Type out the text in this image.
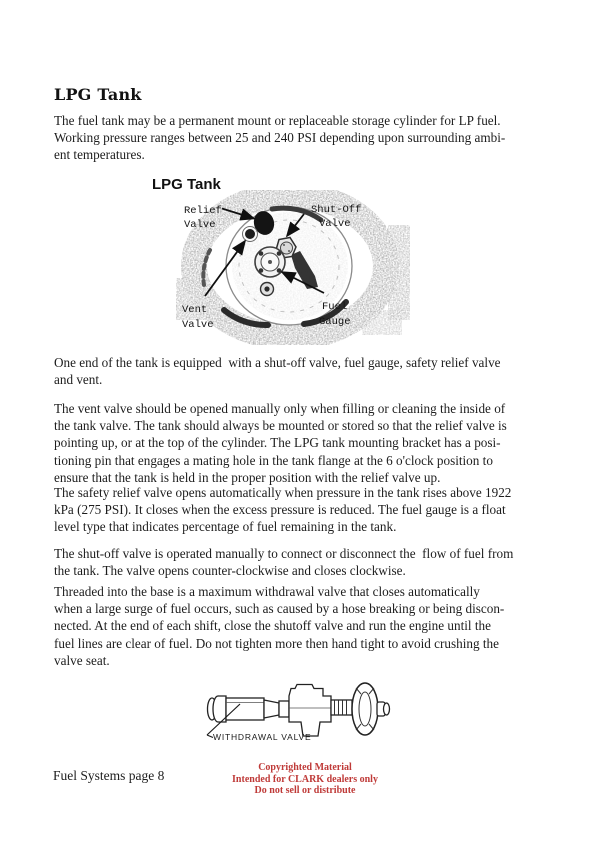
LPG Tank
The fuel tank may be a permanent mount or replaceable storage cylinder for LP fuel.
Working pressure ranges between 25 and 240 PSI depending upon surrounding ambi-
ent temperatures.
LPG Tank
Relief
Valve
Shut-Off
Valve
Vent
Valve
Fuel
Gauge
One end of the tank is equipped  with a shut-off valve, fuel gauge, safety relief valve
and vent.
The vent valve should be opened manually only when filling or cleaning the inside of
the tank valve. The tank should always be mounted or stored so that the relief valve is
pointing up, or at the top of the cylinder. The LPG tank mounting bracket has a posi-
tioning pin that engages a mating hole in the tank flange at the 6 o'clock position to
ensure that the tank is held in the proper position with the relief valve up.
The safety relief valve opens automatically when pressure in the tank rises above 1922
kPa (275 PSI). It closes when the excess pressure is reduced. The fuel gauge is a float
level type that indicates percentage of fuel remaining in the tank.
The shut-off valve is operated manually to connect or disconnect the  flow of fuel from
the tank. The valve opens counter-clockwise and closes clockwise.
Threaded into the base is a maximum withdrawal valve that closes automatically
when a large surge of fuel occurs, such as caused by a hose breaking or being discon-
nected. At the end of each shift, close the shutoff valve and run the engine until the
fuel lines are clear of fuel. Do not tighten more then hand tight to avoid crushing the
valve seat.
WITHDRAWAL VALVE
Fuel Systems page 8
Copyrighted Material
Intended for CLARK dealers only
Do not sell or distribute
